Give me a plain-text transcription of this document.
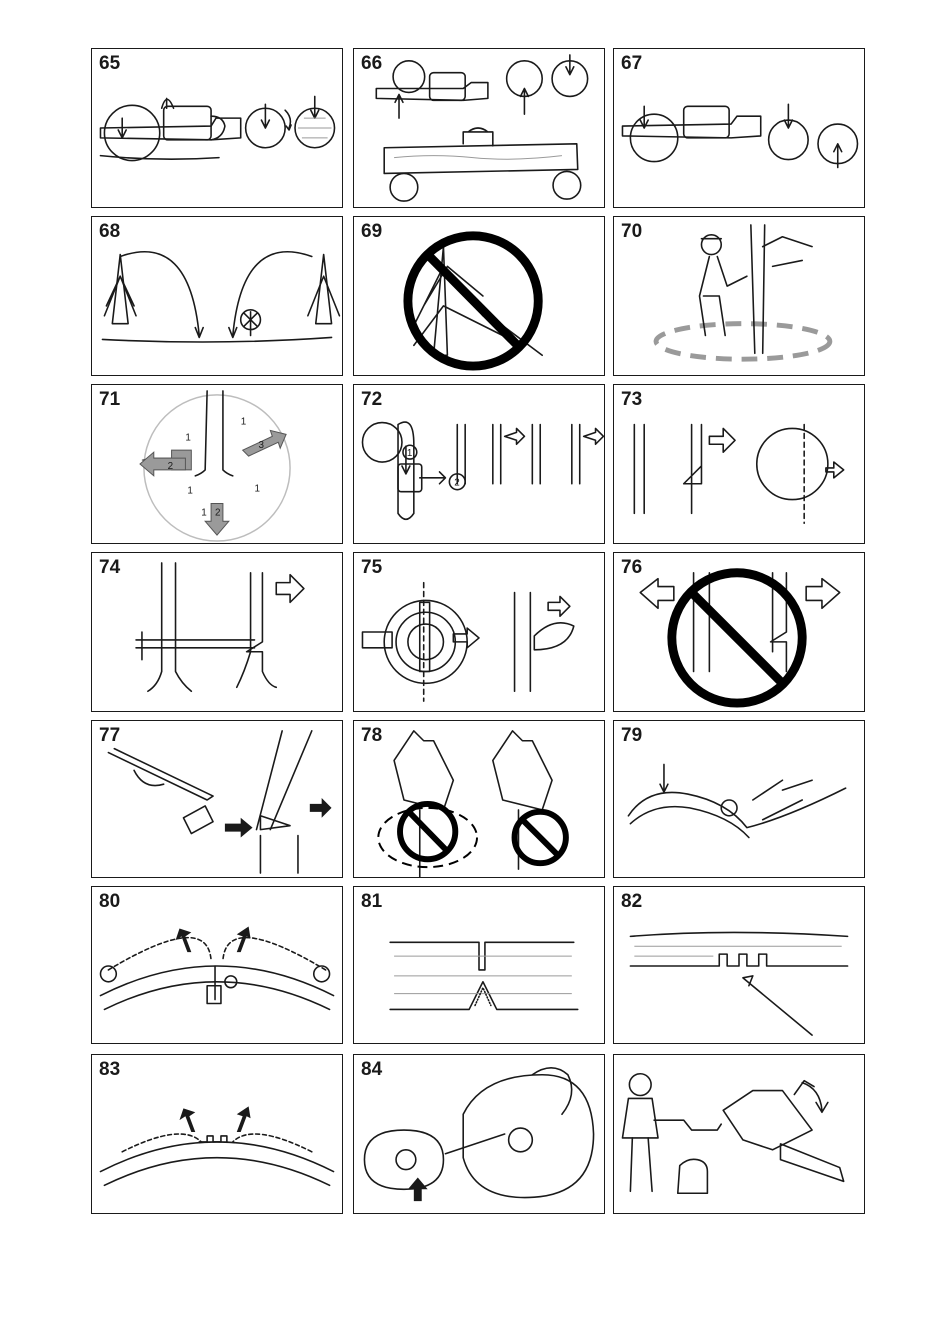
65	66	67
68	69	70
71
1
1
1	1
1
2
2
3
72
1
2
73
74	75	76
77	78	79
80	81	82
83	84
